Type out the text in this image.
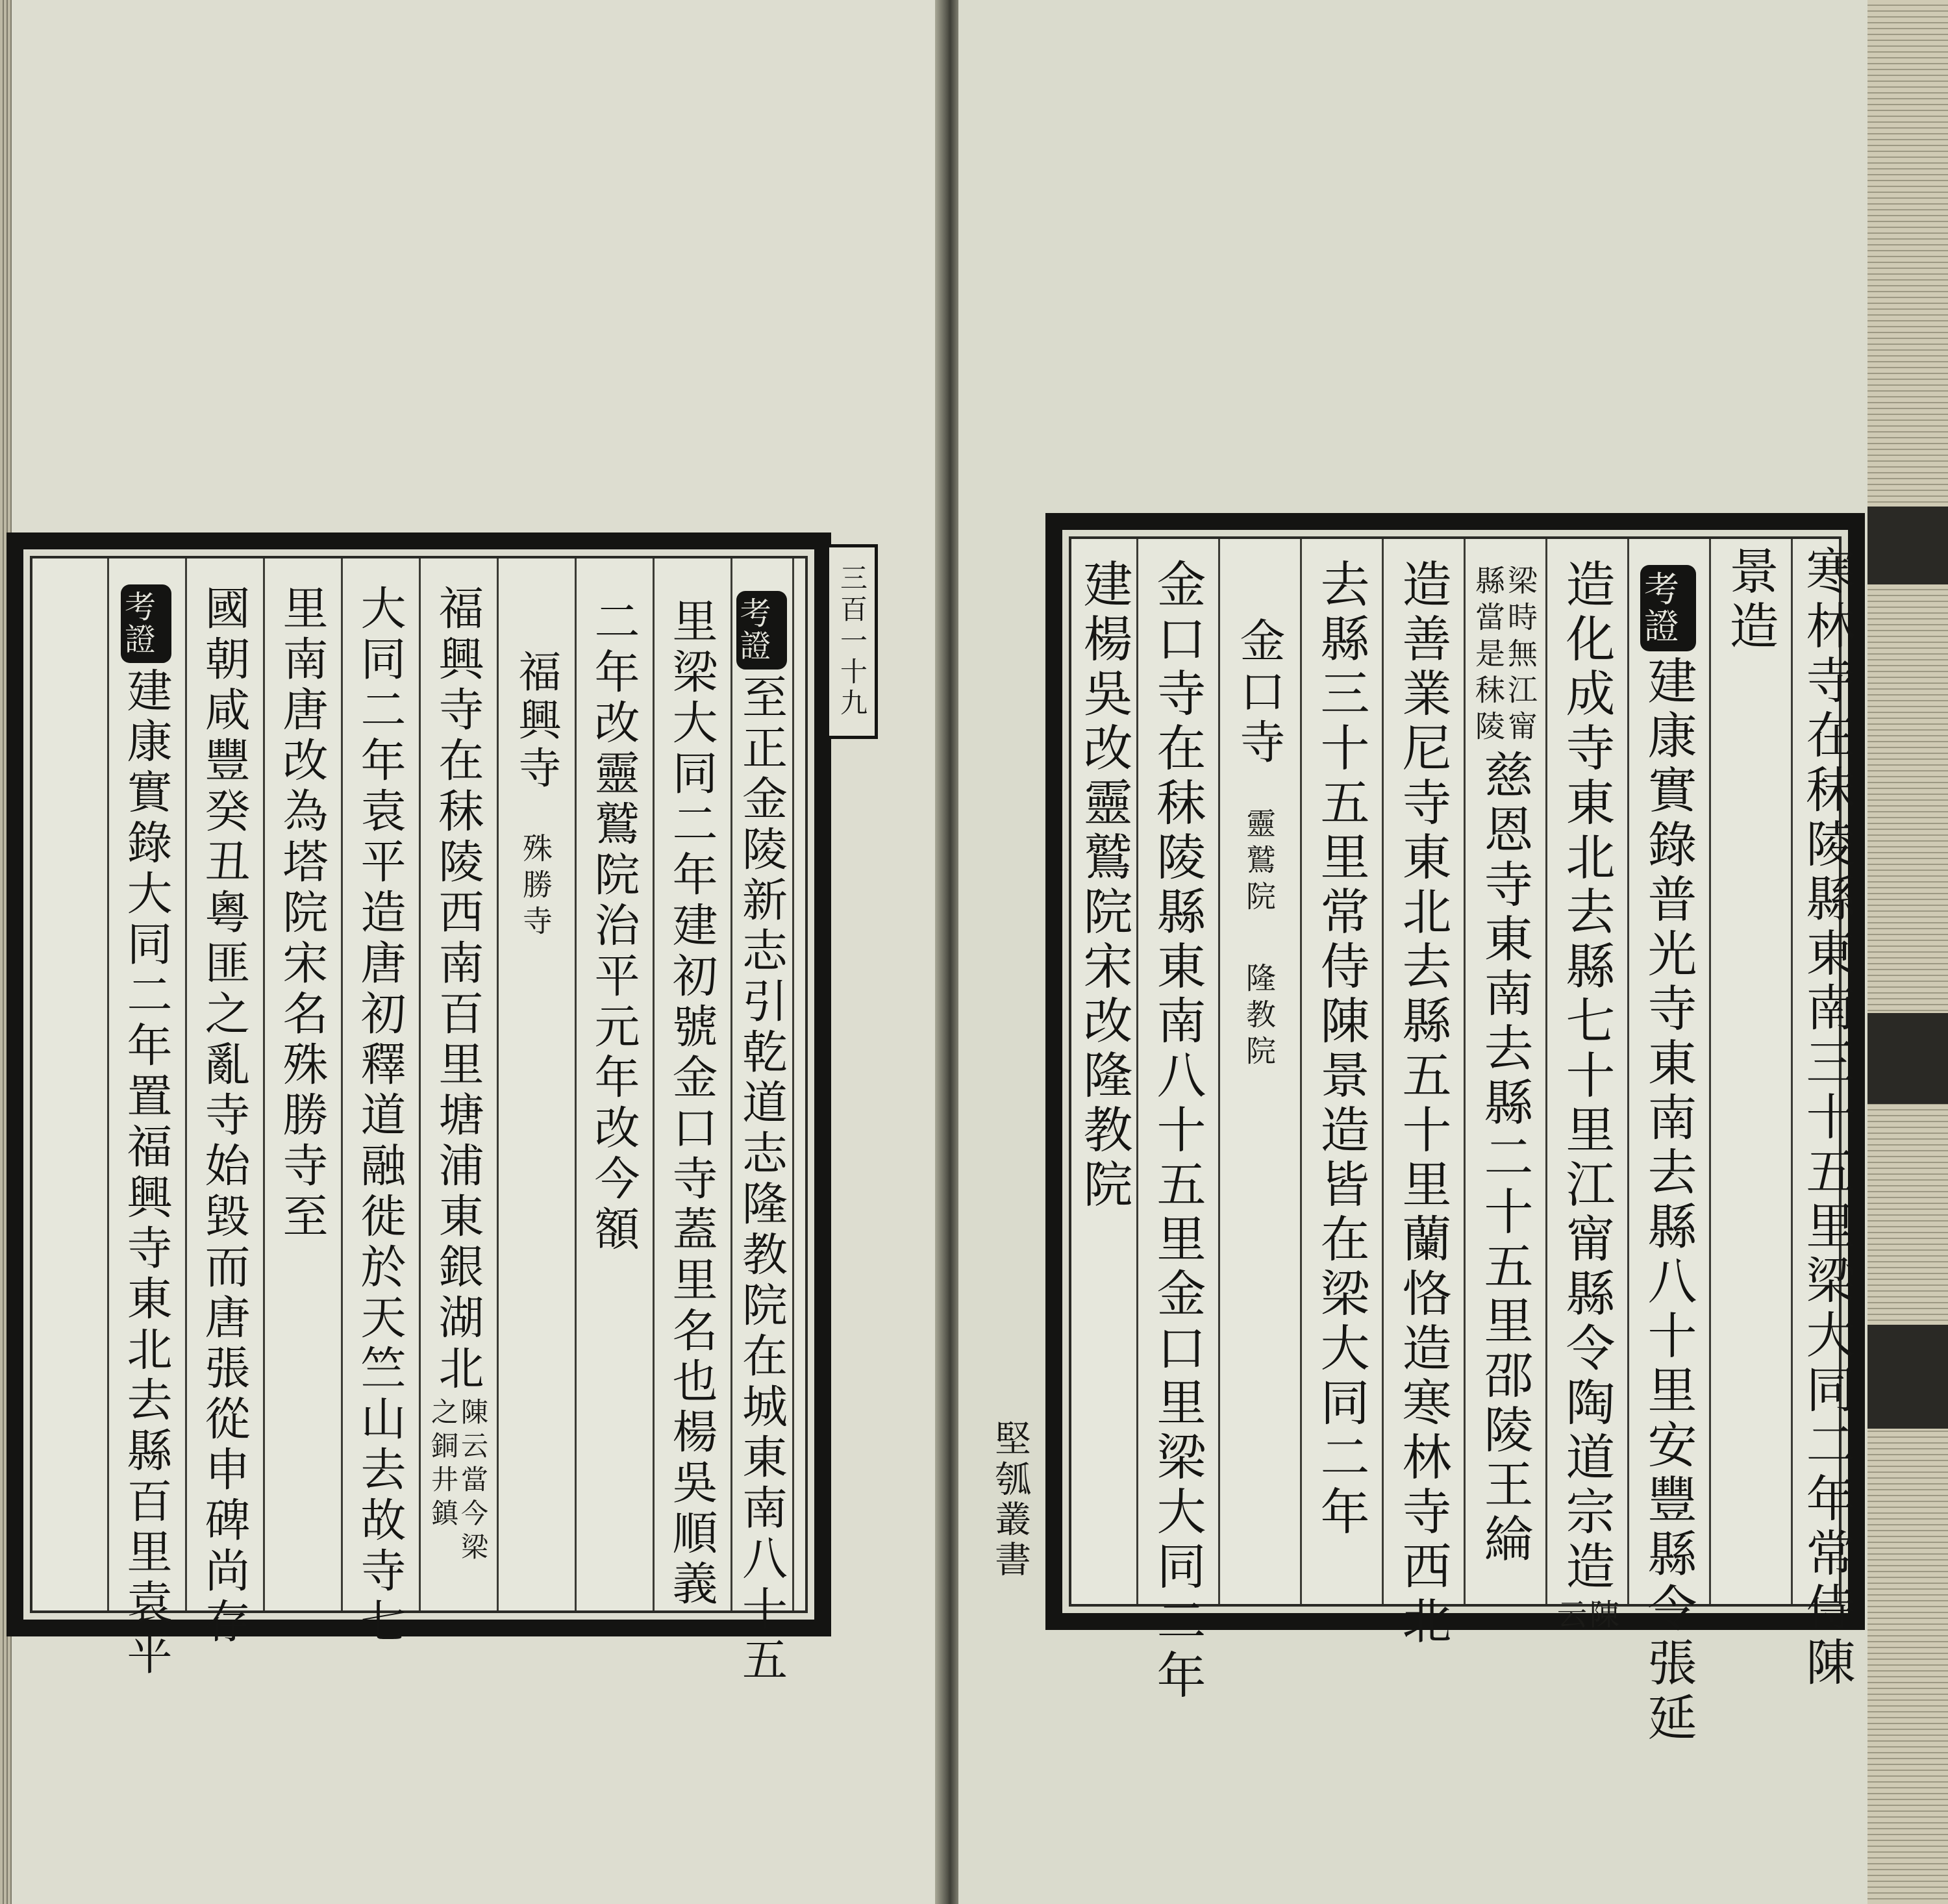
寒林寺在秣陵縣東南三十五里梁大同二年常侍陳
景造
考證
建康實錄普光寺東南去縣八十里安豐縣令張延
造化成寺東北去縣七十里江甯縣令陶道宗造
陳
云
梁時無江甯
縣當是秣陵
慈恩寺東南去縣二十五里邵陵王綸
造善業尼寺東北去縣五十里蘭恪造寒林寺西北
去縣三十五里常侍陳景造皆在梁大同二年
金口寺
靈鷲院
隆教院
金口寺在秣陵縣東南八十五里金口里梁大同二年
建楊吳改靈鷲院宋改隆教院
堅瓠叢書
考證
至正金陵新志引乾道志隆教院在城東南八十五
里梁大同二年建初號金口寺蓋里名也楊吳順義
二年改靈鷲院治平元年改今額
福興寺
殊勝寺
福興寺在秣陵西南百里塘浦東銀湖北
陳云當今梁
之銅井鎮
大同二年袁平造唐初釋道融徙於天竺山去故寺七
里南唐改為塔院宋名殊勝寺至
國朝咸豐癸丑粵匪之亂寺始毀而唐張從申碑尚存
考證
建康實錄大同二年置福興寺東北去縣百里袁平
三百一十九
